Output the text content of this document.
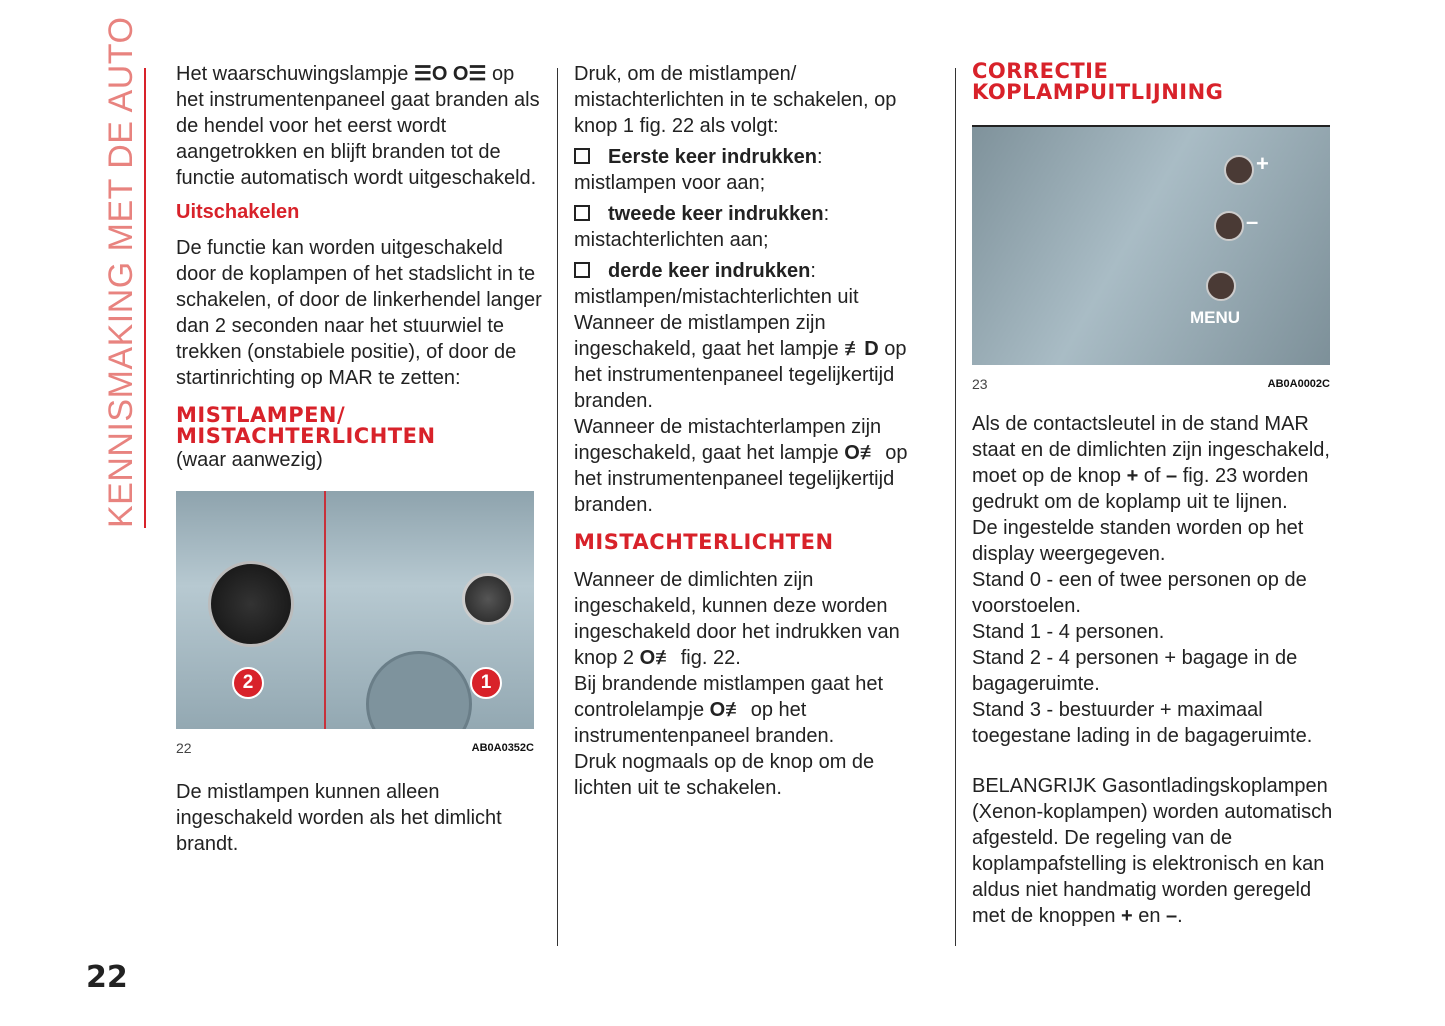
KENNISMAKING MET DE AUTO
22

Het waarschuwingslampje ☰O O☰ op het instrumentenpaneel gaat branden als de hendel voor het eerst wordt aangetrokken en blijft branden tot de functie automatisch wordt uitgeschakeld.

Uitschakelen

De functie kan worden uitgeschakeld door de koplampen of het stadslicht in te schakelen, of door de linkerhendel langer dan 2 seconden naar het stuurwiel te trekken (onstabiele positie), of door de startinrichting op MAR te zetten:

MISTLAMPEN/ MISTACHTERLICHTEN

(waar aanwezig)

2	1
22	AB0A0352C

De mistlampen kunnen alleen ingeschakeld worden als het dimlicht brandt.

Druk, om de mistlampen/ mistachterlichten in te schakelen, op knop 1 fig. 22 als volgt:

Eerste keer indrukken:
mistlampen voor aan;

tweede keer indrukken:
mistachterlichten aan;

derde keer indrukken:
mistlampen/mistachterlichten uit

Wanneer de mistlampen zijn ingeschakeld, gaat het lampje ≢D op het instrumentenpaneel tegelijkertijd branden.

Wanneer de mistachterlampen zijn ingeschakeld, gaat het lampje O≢ op het instrumentenpaneel tegelijkertijd branden.

MISTACHTERLICHTEN

Wanneer de dimlichten zijn ingeschakeld, kunnen deze worden ingeschakeld door het indrukken van knop 2 O≢ fig. 22.

Bij brandende mistlampen gaat het controlelampje O≢ op het instrumentenpaneel branden.

Druk nogmaals op de knop om de lichten uit te schakelen.

CORRECTIE KOPLAMPUITLIJNING
+
–
MENU
23	AB0A0002C

Als de contactsleutel in de stand MAR staat en de dimlichten zijn ingeschakeld, moet op de knop + of – fig. 23 worden gedrukt om de koplamp uit te lijnen.

De ingestelde standen worden op het display weergegeven.

Stand 0 - een of twee personen op de voorstoelen.

Stand 1 - 4 personen.

Stand 2 - 4 personen + bagage in de bagageruimte.

Stand 3 - bestuurder + maximaal toegestane lading in de bagageruimte.

BELANGRIJK Gasontladingskoplampen (Xenon-koplampen) worden automatisch afgesteld. De regeling van de koplampafstelling is elektronisch en kan aldus niet handmatig worden geregeld met de knoppen + en –.
